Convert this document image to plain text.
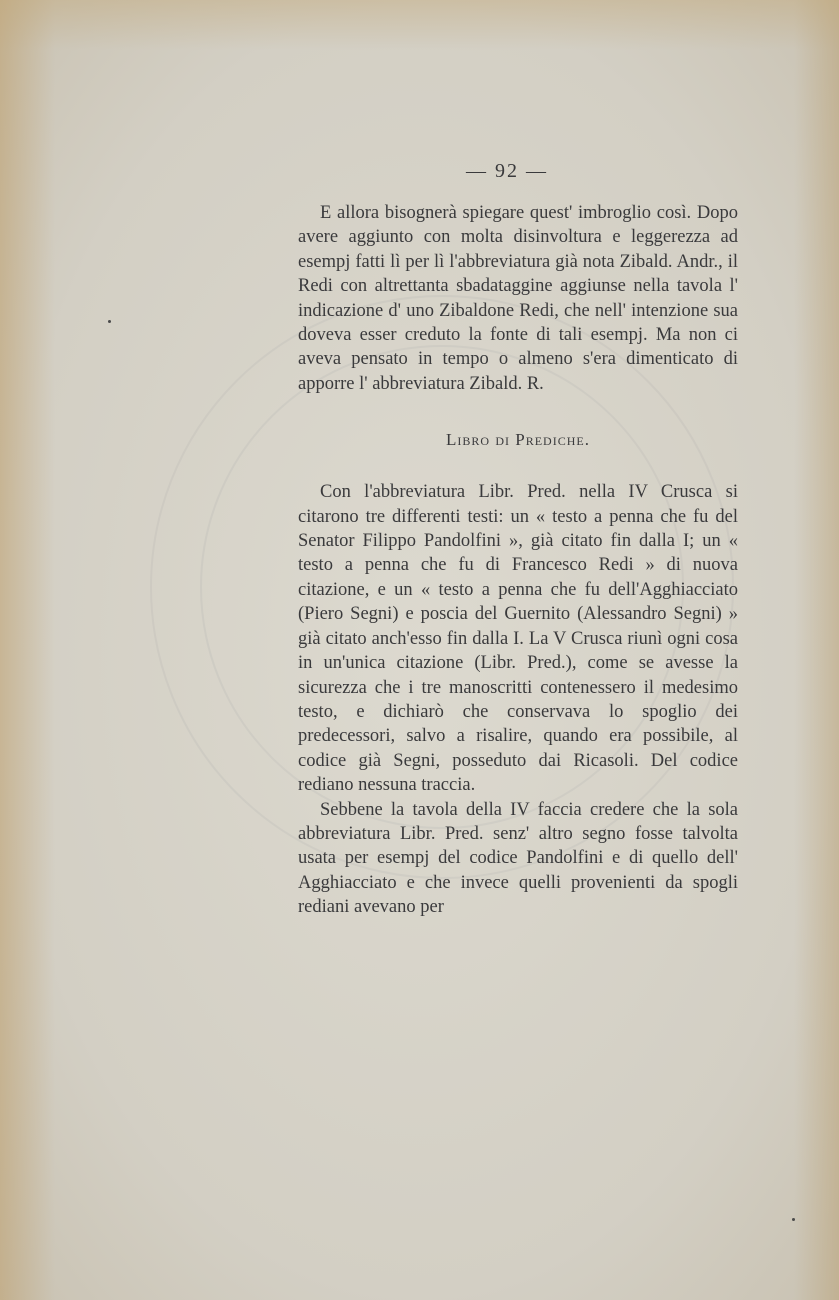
— 92 —

E allora bisognerà spiegare quest' imbroglio così. Dopo avere aggiunto con molta disinvoltura e leggerezza ad esempj fatti lì per lì l'abbreviatura già nota Zibald. Andr., il Redi con altrettanta sbadataggine aggiunse nella tavola l' indicazione d' uno Zibaldone Redi, che nell' intenzione sua doveva esser creduto la fonte di tali esempj. Ma non ci aveva pensato in tempo o almeno s'era dimenticato di apporre l' abbreviatura Zibald. R.

Libro di Prediche.

Con l'abbreviatura Libr. Pred. nella IV Crusca si citarono tre differenti testi: un « testo a penna che fu del Senator Filippo Pandolfini », già citato fin dalla I; un « testo a penna che fu di Francesco Redi » di nuova citazione, e un « testo a penna che fu dell'Agghiacciato (Piero Segni) e poscia del Guernito (Alessandro Segni) » già citato anch'esso fin dalla I. La V Crusca riunì ogni cosa in un'unica citazione (Libr. Pred.), come se avesse la sicurezza che i tre manoscritti contenessero il medesimo testo, e dichiarò che conservava lo spoglio dei predecessori, salvo a risalire, quando era possibile, al codice già Segni, posseduto dai Ricasoli. Del codice rediano nessuna traccia.

Sebbene la tavola della IV faccia credere che la sola abbreviatura Libr. Pred. senz' altro segno fosse talvolta usata per esempj del codice Pandolfini e di quello dell' Agghiacciato e che invece quelli provenienti da spogli rediani avevano per
